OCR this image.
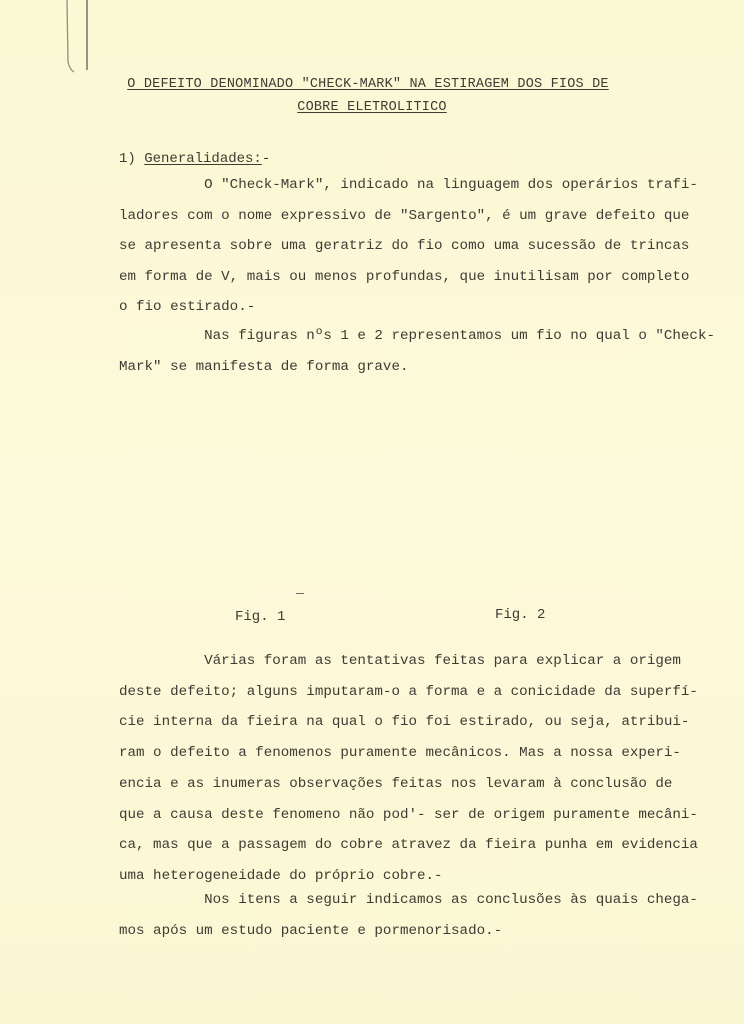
O DEFEITO DENOMINADO "CHECK-MARK" NA ESTIRAGEM DOS FIOS DE
COBRE ELETROLITICO
1) Generalidades:-
O "Check-Mark", indicado na linguagem dos operários trafi-
ladores com o nome expressivo de "Sargento", é um grave defeito que
se apresenta sobre uma geratriz do fio como uma sucessão de trincas
em forma de V, mais ou menos profundas, que inutilisam por completo
o fio estirado.-
Nas figuras nºs 1 e 2 representamos um fio no qual o "Check-
Mark" se manifesta de forma grave.
Fig. 1	Fig. 2
Várias foram as tentativas feitas para explicar a origem
deste defeito; alguns imputaram-o a forma e a conicidade da superfí-
cie interna da fieira na qual o fio foi estirado, ou seja, atribui-
ram o defeito a fenomenos puramente mecânicos. Mas a nossa experi-
encia e as inumeras observações feitas nos levaram à conclusão de
que a causa deste fenomeno não pod'- ser de origem puramente mecâni-
ca, mas que a passagem do cobre atravez da fieira punha em evidencia
uma heterogeneidade do próprio cobre.-
Nos itens a seguir indicamos as conclusões às quais chega-
mos após um estudo paciente e pormenorisado.-
